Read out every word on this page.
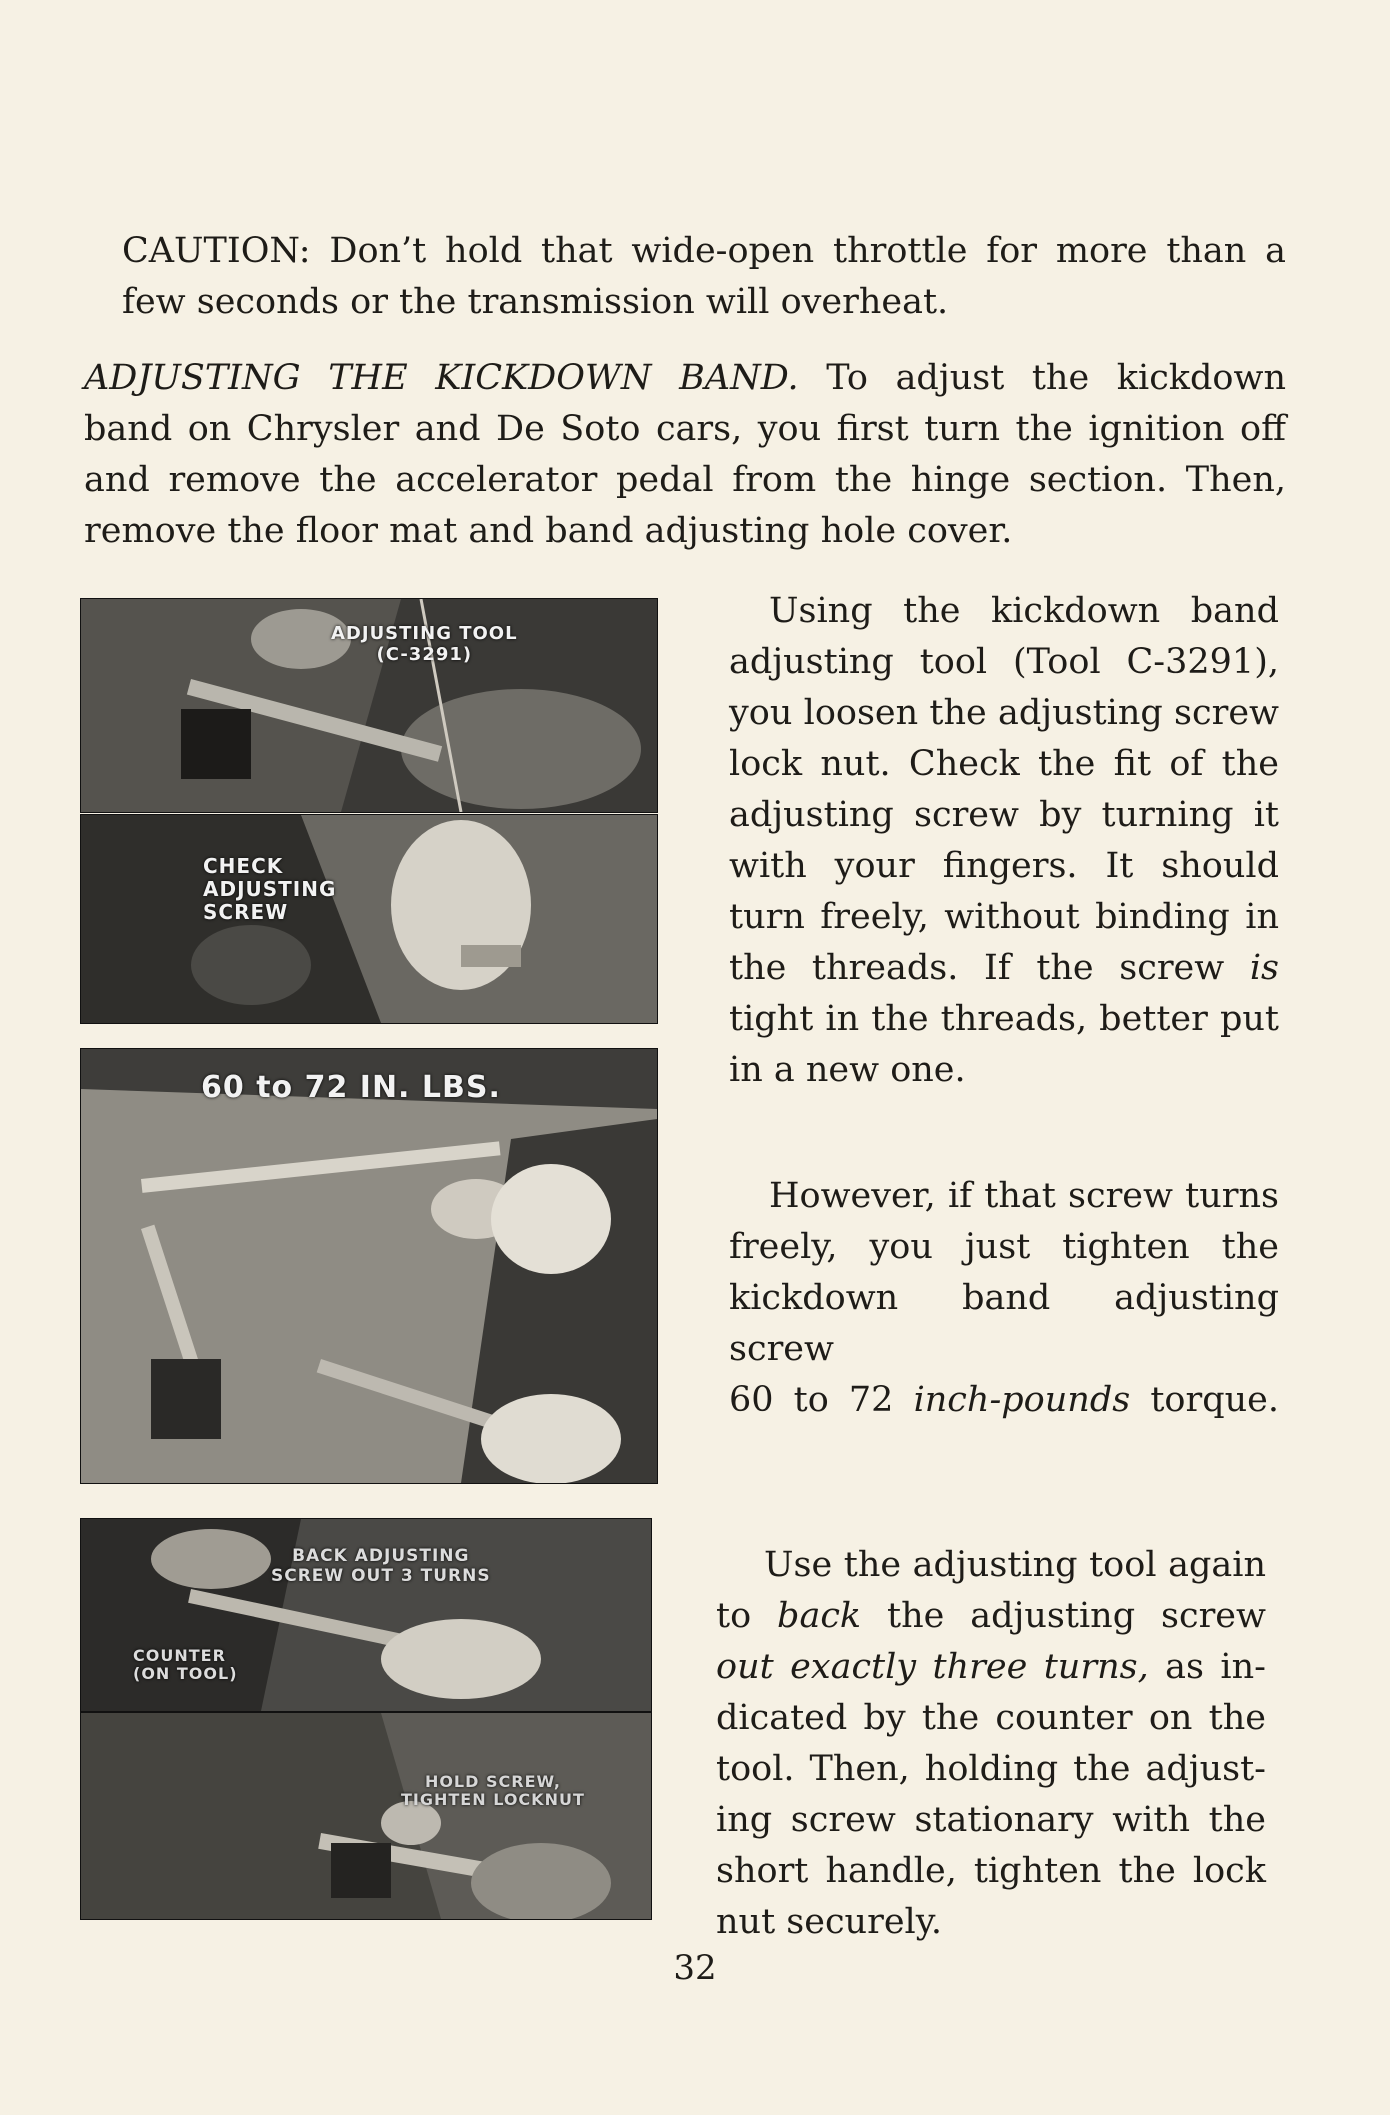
CAUTION: Don’t hold that wide-open throttle for more than a
few seconds or the transmission will overheat.
ADJUSTING THE KICKDOWN BAND. To adjust the kickdown
band on Chrysler and De Soto cars, you first turn the ignition off
and remove the accelerator pedal from the hinge section. Then,
remove the floor mat and band adjusting hole cover.
ADJUSTING TOOL
(C-3291)
CHECK
ADJUSTING
SCREW
60 to 72 IN. LBS.
BACK ADJUSTING
SCREW OUT 3 TURNS
COUNTER
(ON TOOL)
HOLD SCREW,
TIGHTEN LOCKNUT
Using the kickdown band
adjusting tool (Tool C-3291),
you loosen the adjusting screw
lock nut. Check the fit of the
adjusting screw by turning it
with your fingers. It should
turn freely, without binding in
the threads. If the screw is
tight in the threads, better put
in a new one.
However, if that screw turns
freely, you just tighten the
kickdown band adjusting screw
60 to 72 inch-pounds torque.
Use the adjusting tool again
to back the adjusting screw
out exactly three turns, as in-
dicated by the counter on the
tool. Then, holding the adjust-
ing screw stationary with the
short handle, tighten the lock
nut securely.
32
